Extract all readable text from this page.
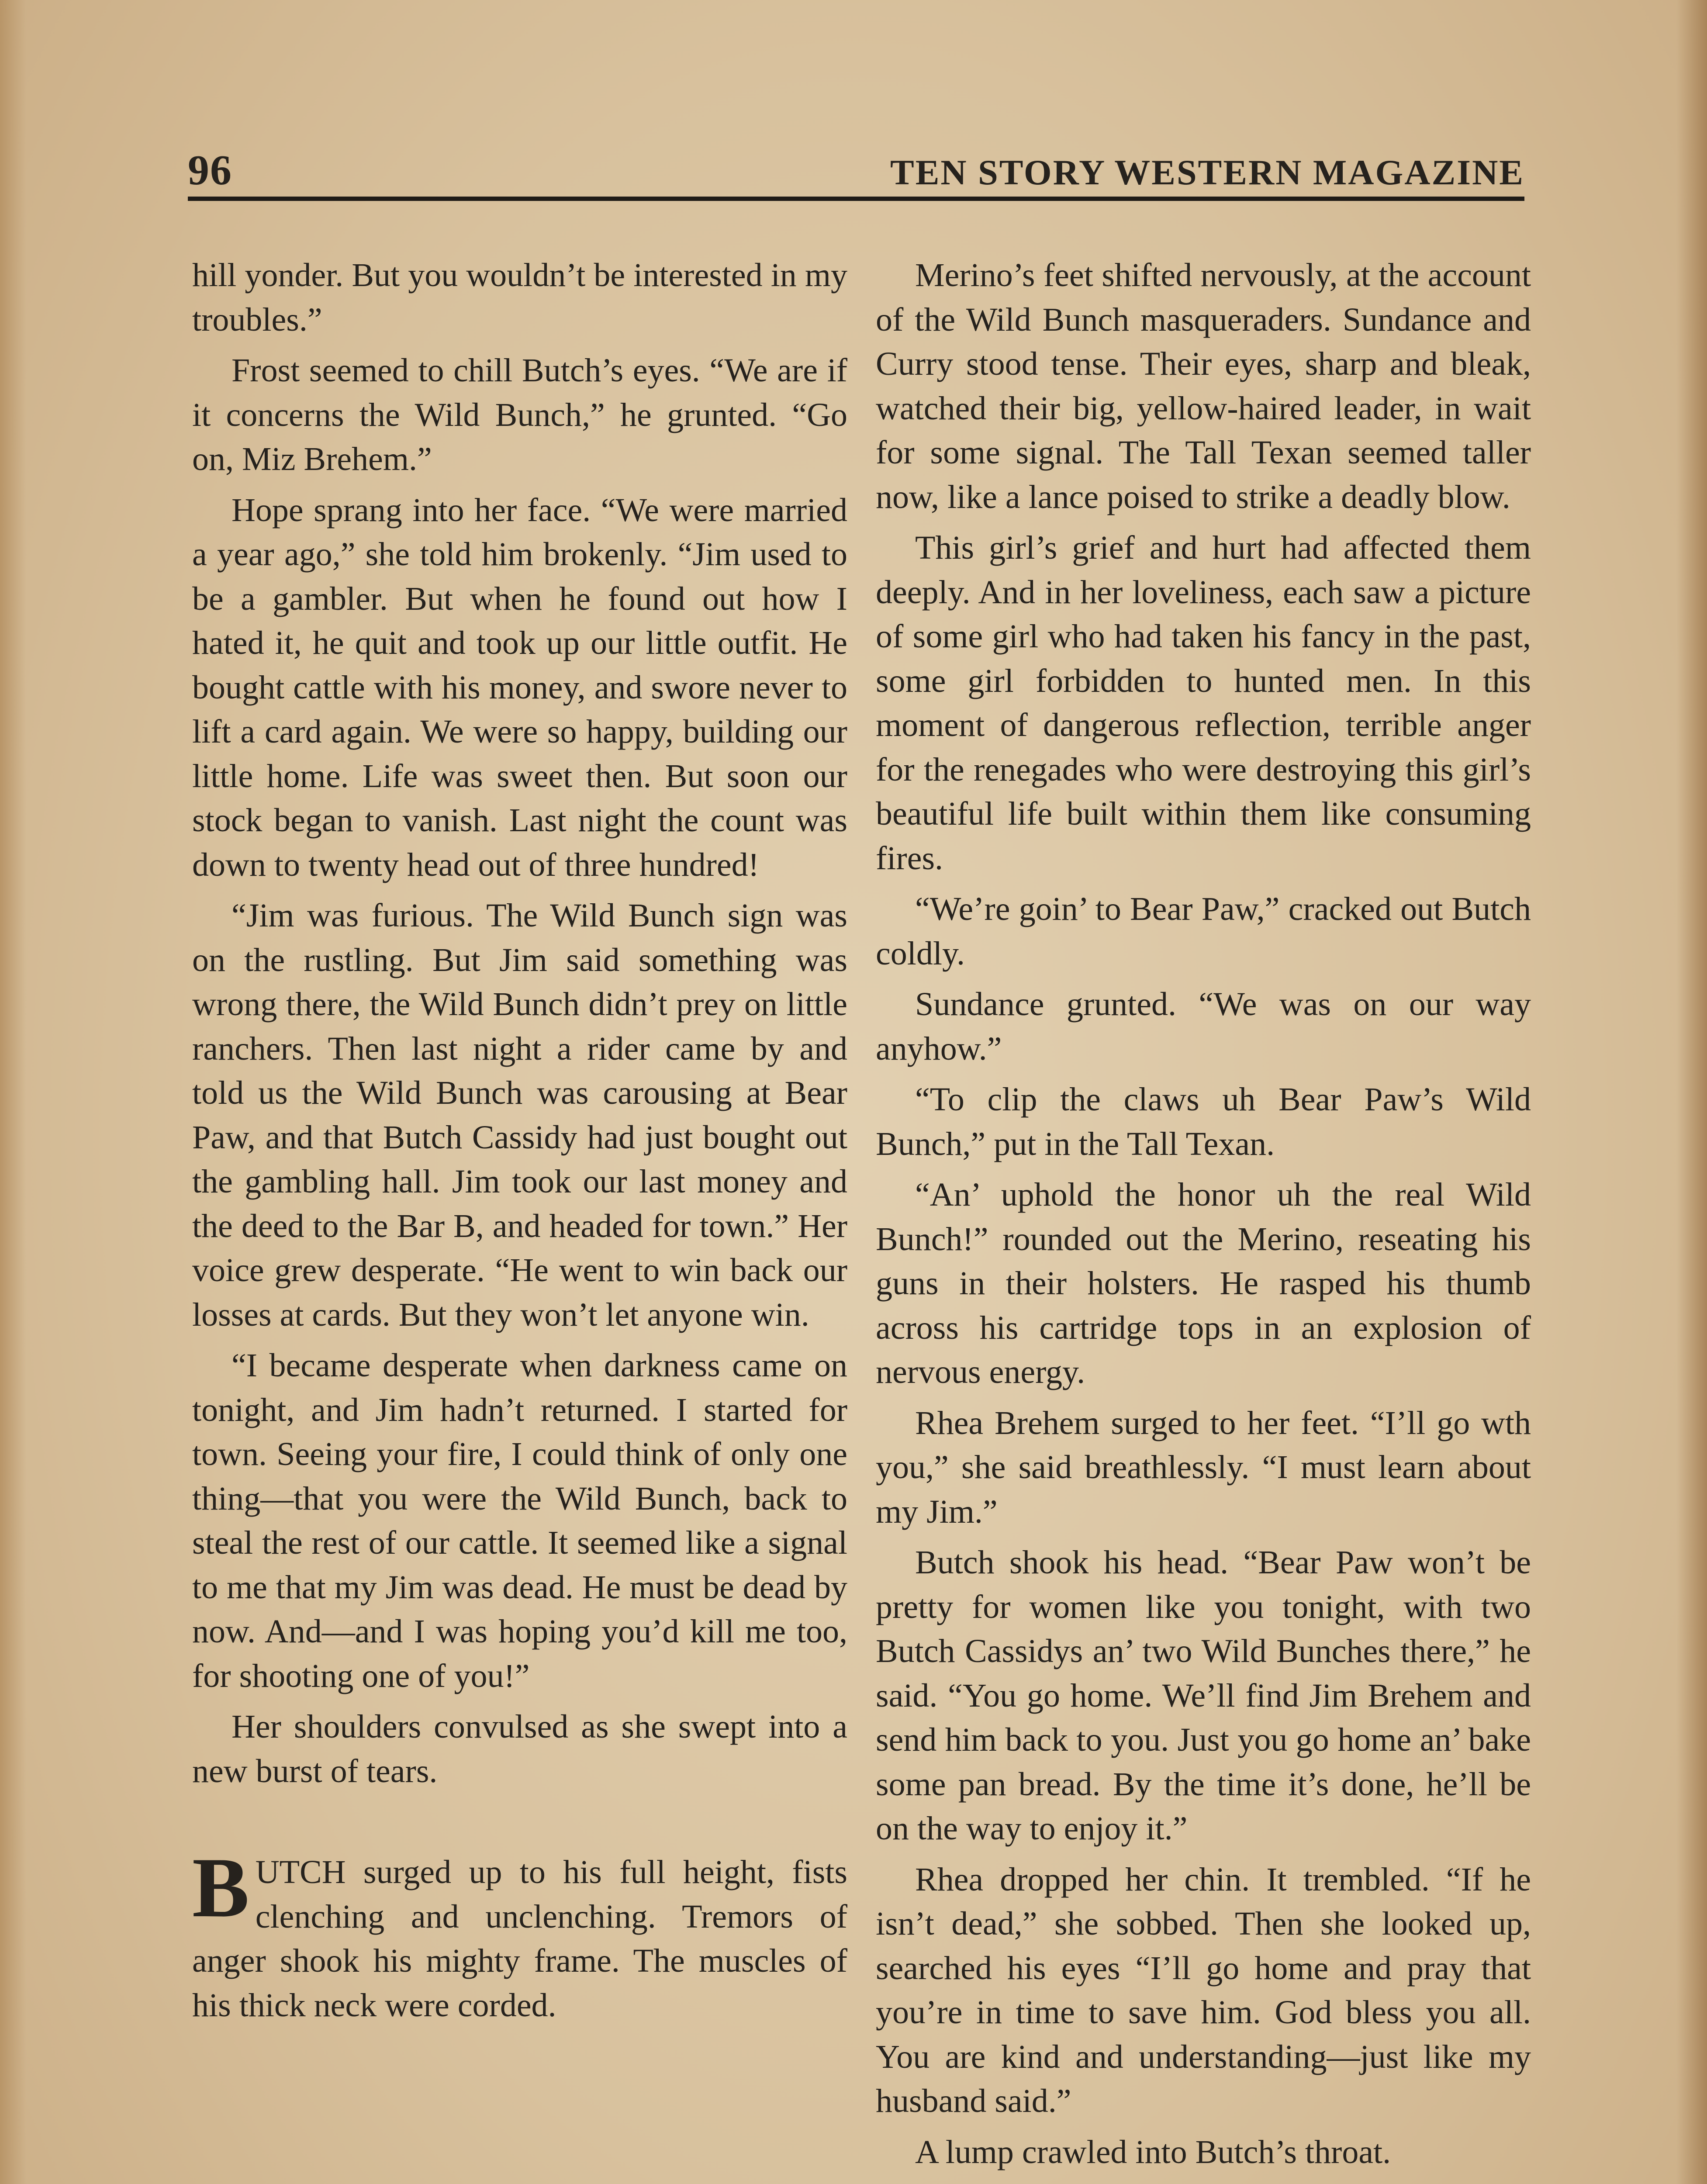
96	TEN STORY WESTERN MAGAZINE

hill yonder. But you wouldn’t be interested in my troubles.”

Frost seemed to chill Butch’s eyes. “We are if it concerns the Wild Bunch,” he grunted. “Go on, Miz Brehem.”

Hope sprang into her face. “We were married a year ago,” she told him brokenly. “Jim used to be a gambler. But when he found out how I hated it, he quit and took up our little outfit. He bought cattle with his money, and swore never to lift a card again. We were so happy, building our little home. Life was sweet then. But soon our stock began to vanish. Last night the count was down to twenty head out of three hundred!

“Jim was furious. The Wild Bunch sign was on the rustling. But Jim said something was wrong there, the Wild Bunch didn’t prey on little ranchers. Then last night a rider came by and told us the Wild Bunch was carousing at Bear Paw, and that Butch Cassidy had just bought out the gambling hall. Jim took our last money and the deed to the Bar B, and headed for town.” Her voice grew desperate. “He went to win back our losses at cards. But they won’t let anyone win.

“I became desperate when darkness came on tonight, and Jim hadn’t returned. I started for town. Seeing your fire, I could think of only one thing—that you were the Wild Bunch, back to steal the rest of our cattle. It seemed like a signal to me that my Jim was dead. He must be dead by now. And—and I was hoping you’d kill me too, for shooting one of you!”

Her shoulders convulsed as she swept into a new burst of tears.

BUTCH surged up to his full height, fists clenching and unclenching. Tremors of anger shook his mighty frame. The muscles of his thick neck were corded.

Merino’s feet shifted nervously, at the account of the Wild Bunch masqueraders. Sundance and Curry stood tense. Their eyes, sharp and bleak, watched their big, yellow-haired leader, in wait for some signal. The Tall Texan seemed taller now, like a lance poised to strike a deadly blow.

This girl’s grief and hurt had affected them deeply. And in her loveliness, each saw a picture of some girl who had taken his fancy in the past, some girl forbidden to hunted men. In this moment of dangerous reflection, terrible anger for the renegades who were destroying this girl’s beautiful life built within them like consuming fires.

“We’re goin’ to Bear Paw,” cracked out Butch coldly.

Sundance grunted. “We was on our way anyhow.”

“To clip the claws uh Bear Paw’s Wild Bunch,” put in the Tall Texan.

“An’ uphold the honor uh the real Wild Bunch!” rounded out the Merino, reseating his guns in their holsters. He rasped his thumb across his cartridge tops in an explosion of nervous energy.

Rhea Brehem surged to her feet. “I’ll go wth you,” she said breathlessly. “I must learn about my Jim.”

Butch shook his head. “Bear Paw won’t be pretty for women like you tonight, with two Butch Cassidys an’ two Wild Bunches there,” he said. “You go home. We’ll find Jim Brehem and send him back to you. Just you go home an’ bake some pan bread. By the time it’s done, he’ll be on the way to enjoy it.”

Rhea dropped her chin. It trembled. “If he isn’t dead,” she sobbed. Then she looked up, searched his eyes “I’ll go home and pray that you’re in time to save him. God bless you all. You are kind and understanding—just like my husband said.”

A lump crawled into Butch’s throat.
